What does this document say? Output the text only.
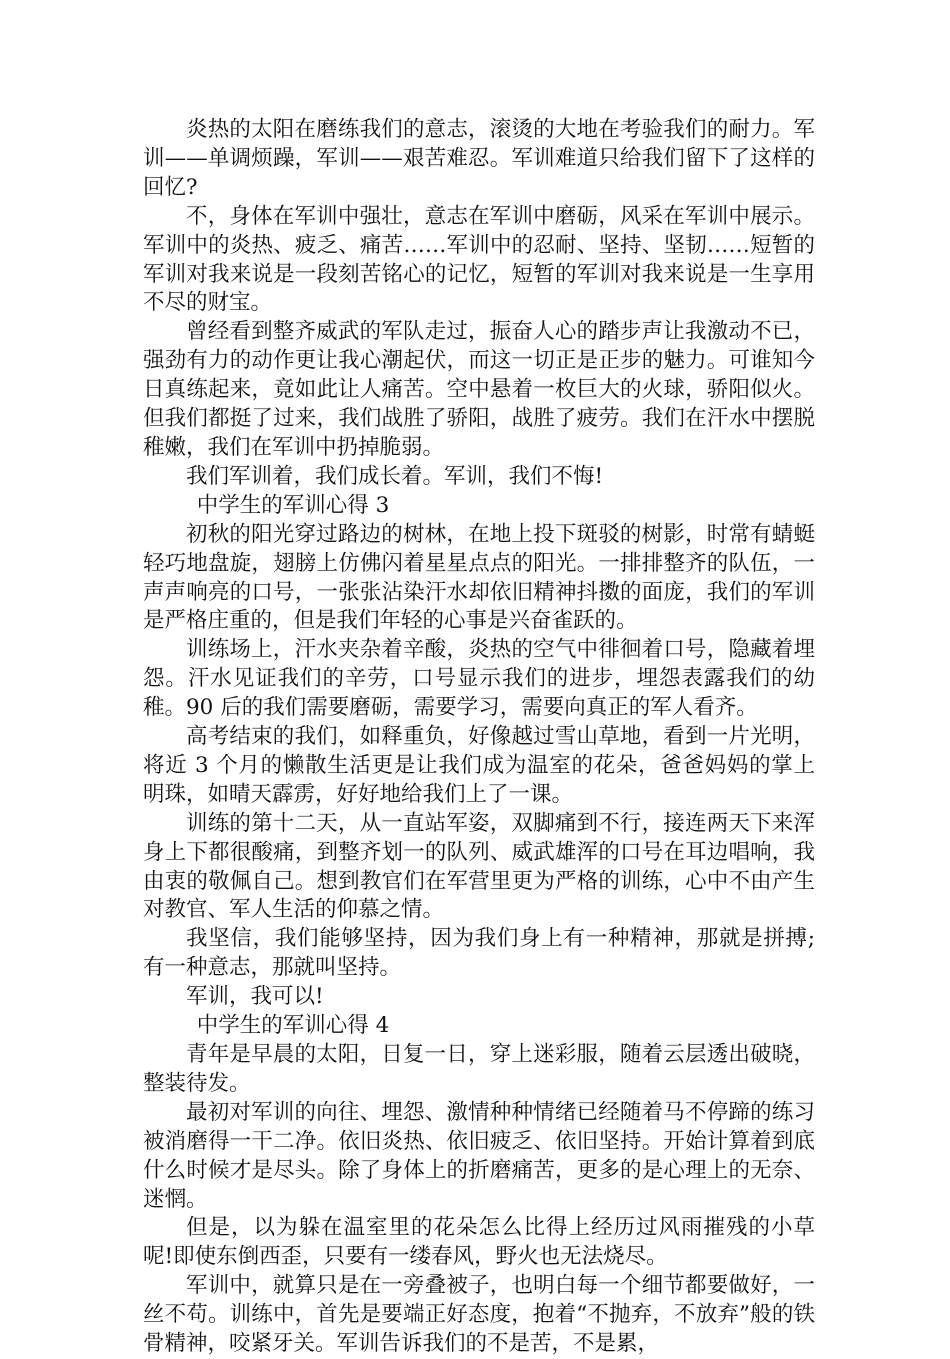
炎热的太阳在磨练我们的意志，滚烫的大地在考验我们的耐力。军训——单调烦躁，军训——艰苦难忍。军训难道只给我们留下了这样的回忆?

不，身体在军训中强壮，意志在军训中磨砺，风采在军训中展示。军训中的炎热、疲乏、痛苦……军训中的忍耐、坚持、坚韧……短暂的军训对我来说是一段刻苦铭心的记忆，短暂的军训对我来说是一生享用不尽的财宝。

曾经看到整齐威武的军队走过，振奋人心的踏步声让我激动不已，强劲有力的动作更让我心潮起伏，而这一切正是正步的魅力。可谁知今日真练起来，竟如此让人痛苦。空中悬着一枚巨大的火球，骄阳似火。但我们都挺了过来，我们战胜了骄阳，战胜了疲劳。我们在汗水中摆脱稚嫩，我们在军训中扔掉脆弱。

我们军训着，我们成长着。军训，我们不悔!

中学生的军训心得 3

初秋的阳光穿过路边的树林，在地上投下斑驳的树影，时常有蜻蜓轻巧地盘旋，翅膀上仿佛闪着星星点点的阳光。一排排整齐的队伍，一声声响亮的口号，一张张沾染汗水却依旧精神抖擞的面庞，我们的军训是严格庄重的，但是我们年轻的心事是兴奋雀跃的。

训练场上，汗水夹杂着辛酸，炎热的空气中徘徊着口号，隐藏着埋怨。汗水见证我们的辛劳，口号显示我们的进步，埋怨表露我们的幼稚。90 后的我们需要磨砺，需要学习，需要向真正的军人看齐。

高考结束的我们，如释重负，好像越过雪山草地，看到一片光明，将近 3 个月的懒散生活更是让我们成为温室的花朵，爸爸妈妈的掌上明珠，如晴天霹雳，好好地给我们上了一课。

训练的第十二天，从一直站军姿，双脚痛到不行，接连两天下来浑身上下都很酸痛，到整齐划一的队列、威武雄浑的口号在耳边唱响，我由衷的敬佩自己。想到教官们在军营里更为严格的训练，心中不由产生对教官、军人生活的仰慕之情。

我坚信，我们能够坚持，因为我们身上有一种精神，那就是拼搏;有一种意志，那就叫坚持。

军训，我可以!

中学生的军训心得 4

青年是早晨的太阳，日复一日，穿上迷彩服，随着云层透出破晓，整装待发。

最初对军训的向往、埋怨、激情种种情绪已经随着马不停蹄的练习被消磨得一干二净。依旧炎热、依旧疲乏、依旧坚持。开始计算着到底什么时候才是尽头。除了身体上的折磨痛苦，更多的是心理上的无奈、迷惘。

但是，以为躲在温室里的花朵怎么比得上经历过风雨摧残的小草呢!即使东倒西歪，只要有一缕春风，野火也无法烧尽。

军训中，就算只是在一旁叠被子，也明白每一个细节都要做好，一丝不苟。训练中，首先是要端正好态度，抱着“不抛弃，不放弃”般的铁骨精神，咬紧牙关。军训告诉我们的不是苦，不是累，
